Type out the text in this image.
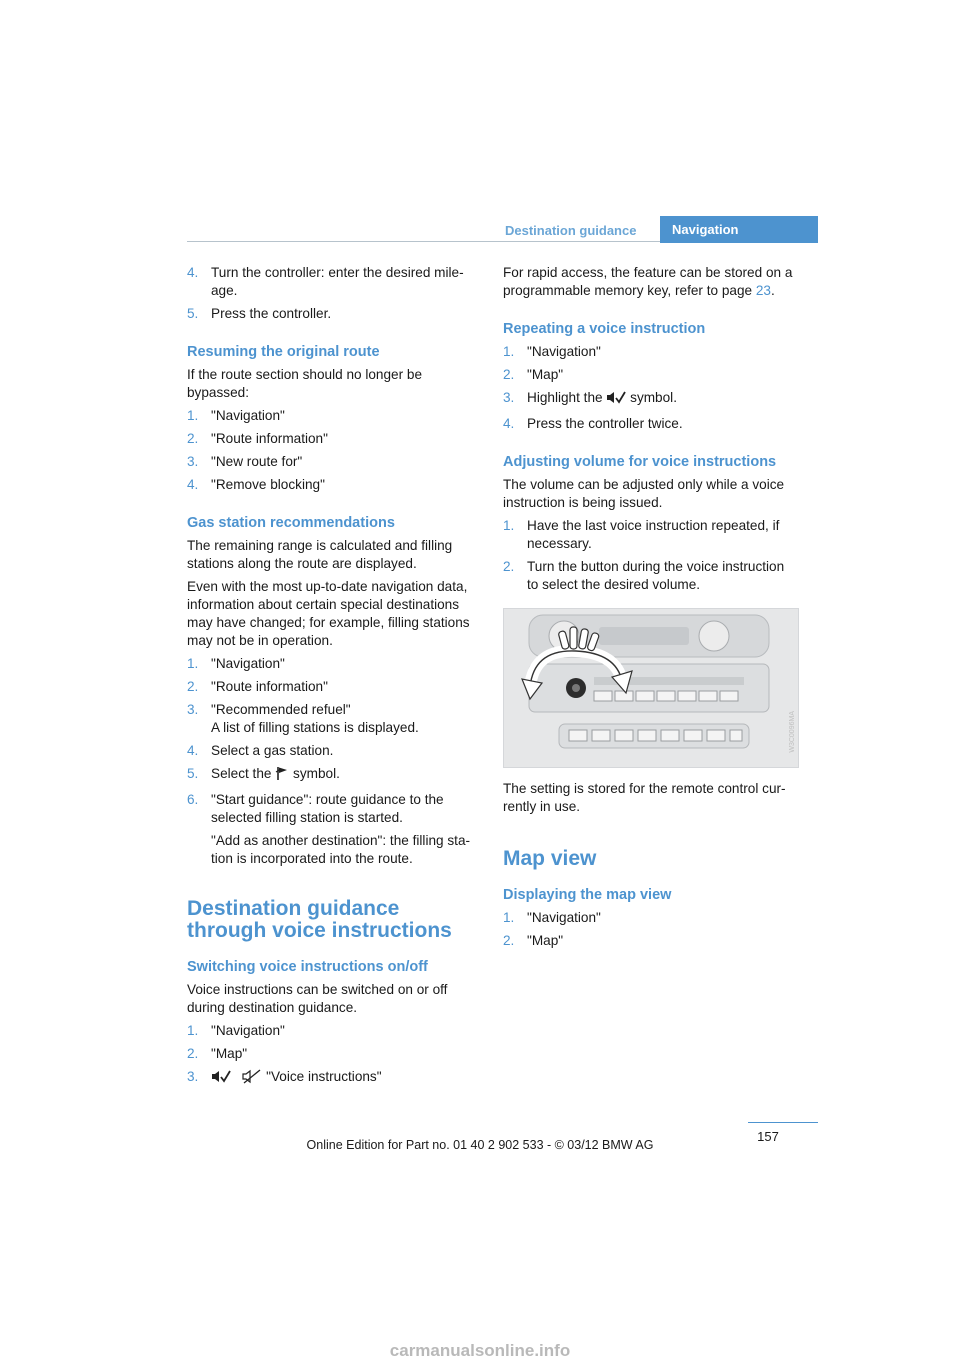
Destination guidance	Navigation
4. Turn the controller: enter the desired mile-age.
5. Press the controller.
Resuming the original route

If the route section should no longer be bypassed:

1. "Navigation"
2. "Route information"
3. "New route for"
4. "Remove blocking"
Gas station recommendations

The remaining range is calculated and filling stations along the route are displayed.

Even with the most up-to-date navigation data, information about certain special destinations may have changed; for example, filling stations may not be in operation.

1. "Navigation"
2. "Route information"
3. "Recommended refuel"
A list of filling stations is displayed.
4. Select a gas station.
5. Select the symbol.
6. "Start guidance": route guidance to the selected filling station is started.
"Add as another destination": the filling sta-tion is incorporated into the route.
Destination guidance through voice instructions
Switching voice instructions on/off

Voice instructions can be switched on or off during destination guidance.

1. "Navigation"
2. "Map"
3.	"Voice instructions"

For rapid access, the feature can be stored on a programmable memory key, refer to page 23.

Repeating a voice instruction
1. "Navigation"
2. "Map"
3. Highlight the symbol.
4. Press the controller twice.
Adjusting volume for voice instructions

The volume can be adjusted only while a voice instruction is being issued.

1. Have the last voice instruction repeated, if necessary.
2. Turn the button during the voice instruction to select the desired volume.
W3C0096MA

The setting is stored for the remote control cur-rently in use.

Map view
Displaying the map view
1. "Navigation"
2. "Map"
157
Online Edition for Part no. 01 40 2 902 533 - © 03/12 BMW AG
carmanualsonline.info
